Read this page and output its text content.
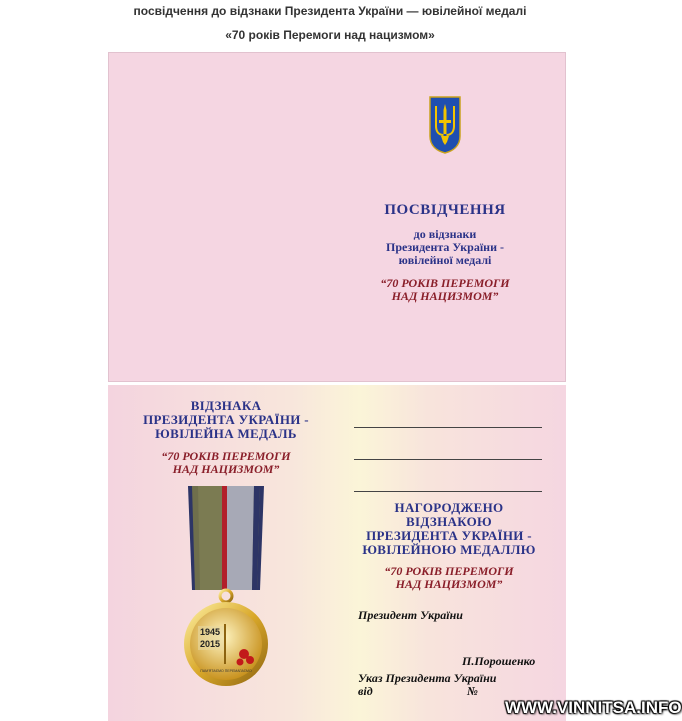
посвідчення до відзнаки Президента України — ювілейної медалі
«70 років Перемоги над нацизмом»
ПОСВІДЧЕННЯ
до відзнаки
Президента України -
ювілейної медалі
“70 РОКІВ ПЕРЕМОГИ
НАД НАЦИЗМОМ”
ВІДЗНАКА
ПРЕЗИДЕНТА УКРАЇНИ -
ЮВІЛЕЙНА МЕДАЛЬ
“70 РОКІВ ПЕРЕМОГИ
НАД НАЦИЗМОМ”
1945
2015
ПАМ'ЯТАЄМО ПЕРЕМАГАЄМО
НАГОРОДЖЕНО
ВІДЗНАКОЮ
ПРЕЗИДЕНТА УКРАЇНИ -
ЮВІЛЕЙНОЮ МЕДАЛЛЮ
“70 РОКІВ ПЕРЕМОГИ
НАД НАЦИЗМОМ”
Президент України
П.Порошенко
Указ Президента України
від	№
WWW.VINNITSA.INFO
